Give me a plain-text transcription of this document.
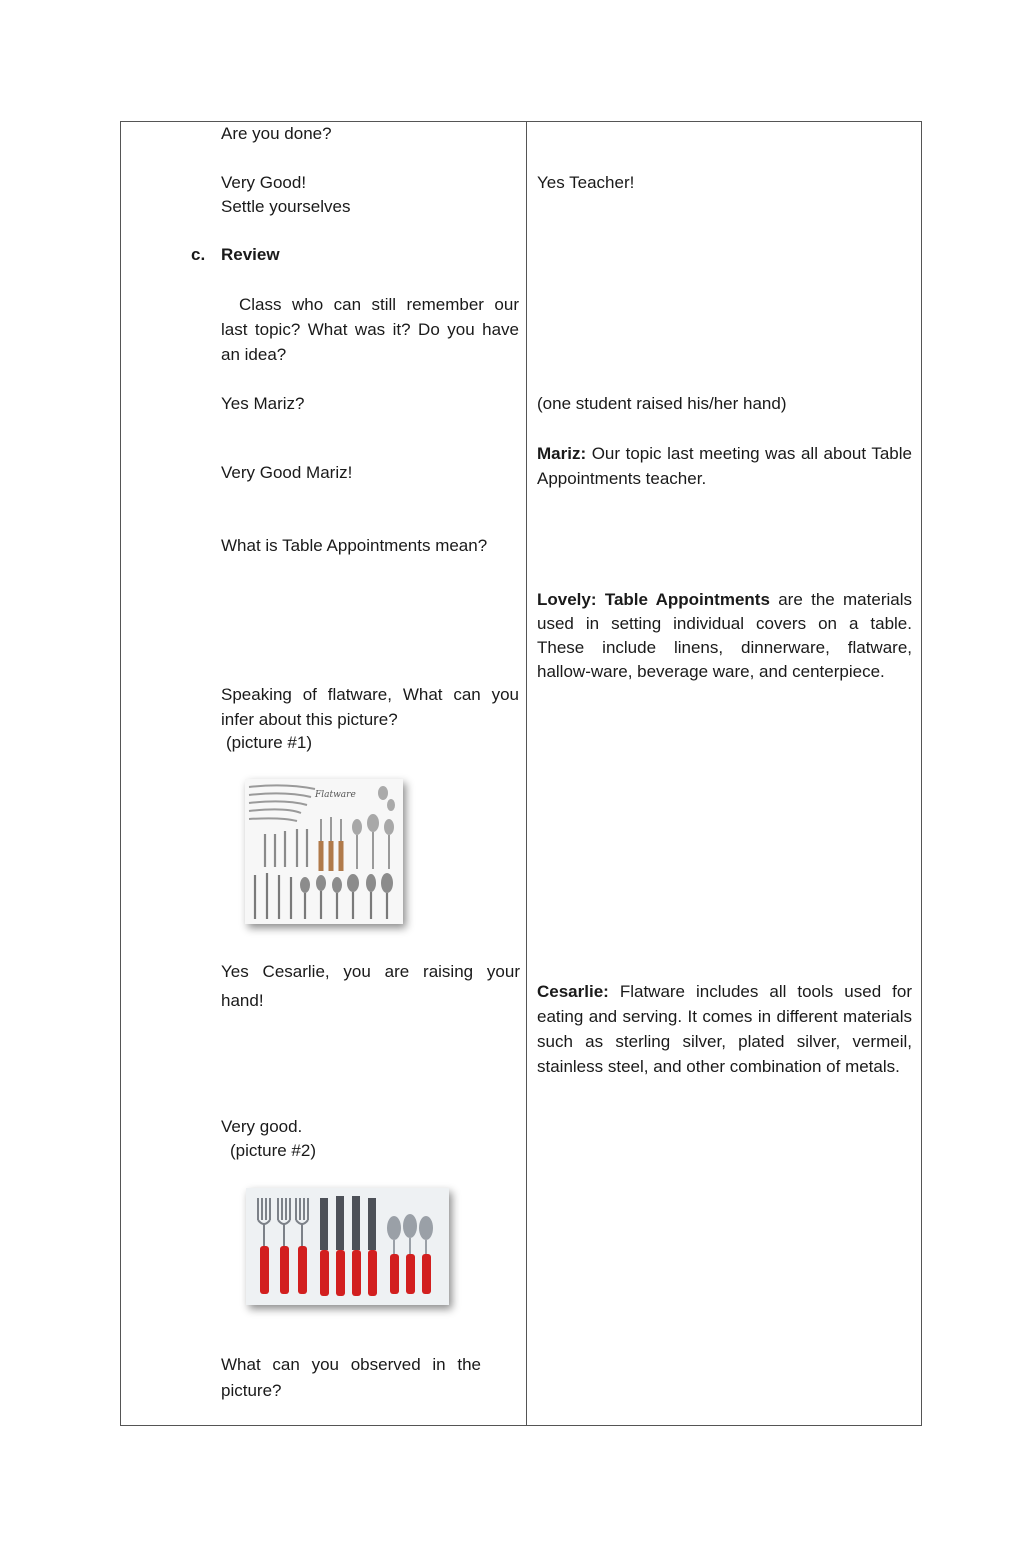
Are you done?
Very Good!
Settle yourselves
c. Review
Class who can still remember our last topic? What was it? Do you have an idea?
Yes Mariz?
Very Good Mariz!
What is Table Appointments mean?
Speaking of flatware, What can you infer about this picture?
(picture #1)
Flatware
Yes Cesarlie, you are raising your hand!
Very good.
(picture #2)
What can you observed in the picture?
Yes Teacher!
(one student raised his/her hand)
Mariz: Our topic last meeting was all about Table Appointments teacher.
Lovely: Table Appointments are the materials used in setting individual covers on a table. These include linens, dinnerware, flatware, hallow-ware, beverage ware, and centerpiece.
Cesarlie: Flatware includes all tools used for eating and serving. It comes in different materials such as sterling silver, plated silver, vermeil, stainless steel, and other combination of metals.
